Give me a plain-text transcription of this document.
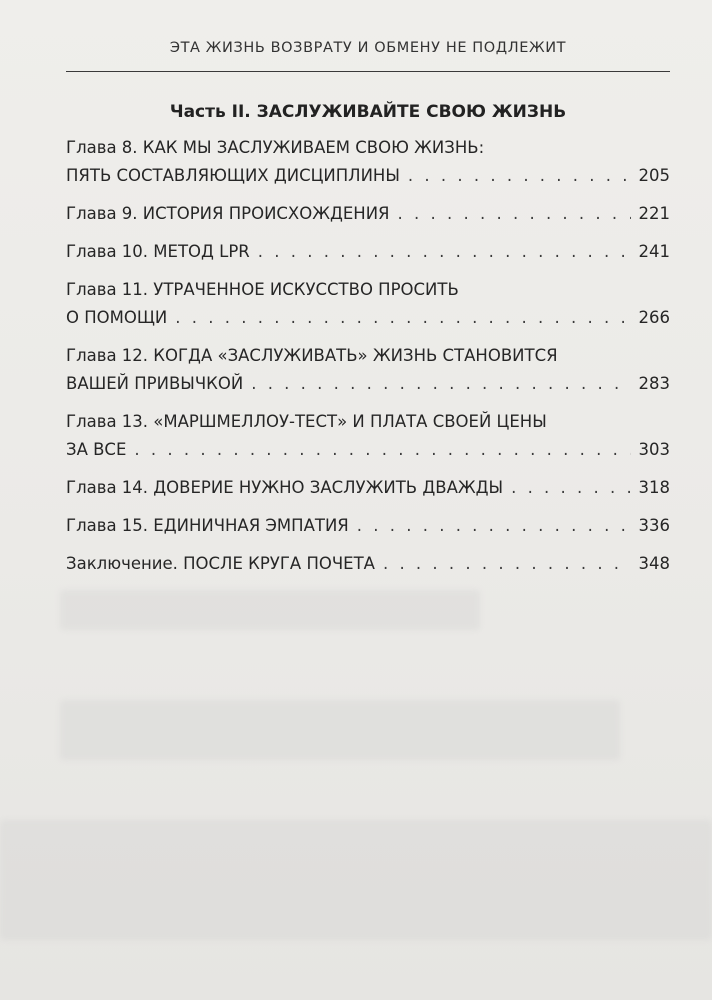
ЭТА ЖИЗНЬ ВОЗВРАТУ И ОБМЕНУ НЕ ПОДЛЕЖИТ
Часть II. ЗАСЛУЖИВАЙТЕ СВОЮ ЖИЗНЬ
Глава 8. КАК МЫ ЗАСЛУЖИВАЕМ СВОЮ ЖИЗНЬ:
ПЯТЬ СОСТАВЛЯЮЩИХ ДИСЦИПЛИНЫ . . .	205
Глава 9. ИСТОРИЯ ПРОИСХОЖДЕНИЯ . . .	221
Глава 10. МЕТОД LPR . . .	241
Глава 11. УТРАЧЕННОЕ ИСКУССТВО ПРОСИТЬ
О ПОМОЩИ . . .	266
Глава 12. КОГДА «ЗАСЛУЖИВАТЬ» ЖИЗНЬ СТАНОВИТСЯ
ВАШЕЙ ПРИВЫЧКОЙ . . .	283
Глава 13. «МАРШМЕЛЛОУ-ТЕСТ» И ПЛАТА СВОЕЙ ЦЕНЫ
ЗА ВСЕ . . .	303
Глава 14. ДОВЕРИЕ НУЖНО ЗАСЛУЖИТЬ ДВАЖДЫ . . .	318
Глава 15. ЕДИНИЧНАЯ ЭМПАТИЯ . . .	336
Заключение. ПОСЛЕ КРУГА ПОЧЕТА . . .	348
